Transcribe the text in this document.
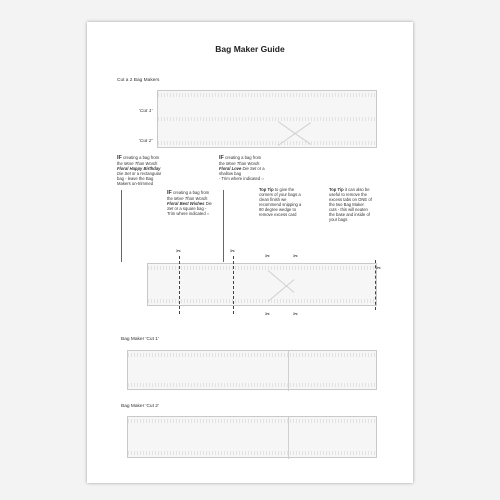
Bag Maker Guide
Cut a 2 Bag Makers
'Cut 1'
'Cut 2'
IF creating a bag from
the More Than Words
Floral Happy Birthday
Die Set or a rectangular
bag - leave the Bag
Makers un-trimmed
IF creating a bag from
the More Than Words
Floral Best Wishes Die
Set or a square bag -
Trim where indicated ○
IF creating a bag from
the More Than Words
Floral Love Die Set or a
shallow bag
- Trim where indicated ○
Top Tip to give the
corners of your bags a
clean finish we
recommend snipping a
90 degree wedge to
remove excess card
Top Tip it can also be
useful to remove the
excess tabs on ONE of
the two Bag Maker
cuts - this will neaten
the base and inside of
your bags
✂	✂
✂	✂
✂	✂
✂
Bag Maker 'Cut 1'
Bag Maker 'Cut 2'
